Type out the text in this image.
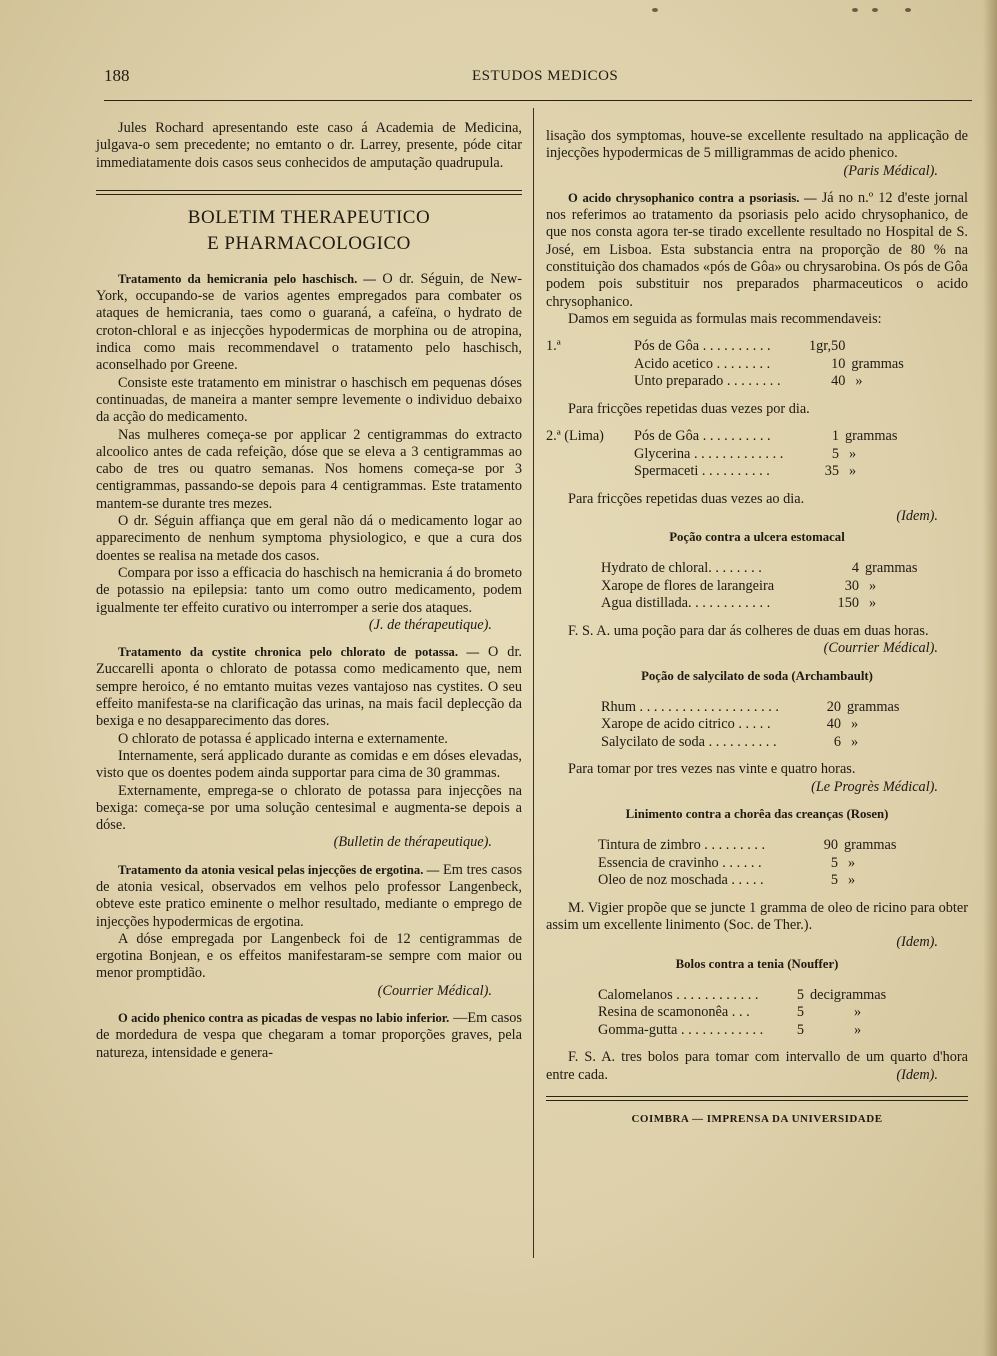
188	ESTUDOS MEDICOS

Jules Rochard apresentando este caso á Academia de Medicina, julgava-o sem precedente; no emtanto o dr. Larrey, presente, póde citar immediatamente dois casos seus conhecidos de amputação quadrupula.

BOLETIM THERAPEUTICO
E PHARMACOLOGICO

Tratamento da hemicrania pelo haschisch. — O dr. Séguin, de New-York, occupando-se de varios agentes empregados para combater os ataques de hemicrania, taes como o guaraná, a cafeïna, o hydrato de croton-chloral e as injecções hypodermicas de morphina ou de atropina, indica como mais recommendavel o tratamento pelo haschisch, aconselhado por Greene.

Consiste este tratamento em ministrar o haschisch em pequenas dóses continuadas, de maneira a manter sempre levemente o individuo debaixo da acção do medicamento.

Nas mulheres começa-se por applicar 2 centigrammas do extracto alcoolico antes de cada refeição, dóse que se eleva a 3 centigrammas ao cabo de tres ou quatro semanas. Nos homens começa-se por 3 centigrammas, passando-se depois para 4 centigrammas. Este tratamento mantem-se durante tres mezes.

O dr. Séguin affiança que em geral não dá o medicamento logar ao apparecimento de nenhum symptoma physiologico, e que a cura dos doentes se realisa na metade dos casos.

Compara por isso a efficacia do haschisch na hemicrania á do brometo de potassio na epilepsia: tanto um como outro medicamento, podem igualmente ter effeito curativo ou interromper a serie dos ataques.

(J. de thérapeutique).

Tratamento da cystite chronica pelo chlorato de potassa. — O dr. Zuccarelli aponta o chlorato de potassa como medicamento que, nem sempre heroico, é no emtanto muitas vezes vantajoso nas cystites. O seu effeito manifesta-se na clarificação das urinas, na mais facil deplecção da bexiga e no desapparecimento das dores.

O chlorato de potassa é applicado interna e externamente.

Internamente, será applicado durante as comidas e em dóses elevadas, visto que os doentes podem ainda supportar para cima de 30 grammas.

Externamente, emprega-se o chlorato de potassa para injecções na bexiga: começa-se por uma solução centesimal e augmenta-se depois a dóse.

(Bulletin de thérapeutique).

Tratamento da atonia vesical pelas injecções de ergotina. — Em tres casos de atonia vesical, observados em velhos pelo professor Langenbeck, obteve este pratico eminente o melhor resultado, mediante o emprego de injecções hypodermicas de ergotina.

A dóse empregada por Langenbeck foi de 12 centigrammas de ergotina Bonjean, e os effeitos manifestaram-se sempre com maior ou menor promptidão.

(Courrier Médical).

O acido phenico contra as picadas de vespas no labio inferior. —Em casos de mordedura de vespa que chegaram a tomar proporções graves, pela natureza, intensidade e genera-

lisação dos symptomas, houve-se excellente resultado na applicação de injecções hypodermicas de 5 milligrammas de acido phenico.

(Paris Médical).

O acido chrysophanico contra a psoriasis. — Já no n.º 12 d'este jornal nos referimos ao tratamento da psoriasis pelo acido chrysophanico, de que nos consta agora ter-se tirado excellente resultado no Hospital de S. José, em Lisboa. Esta substancia entra na proporção de 80 % na constituição dos chamados «pós de Gôa» ou chrysarobina. Os pós de Gôa podem pois substituir nos preparados pharmaceuticos o acido chrysophanico.

Damos em seguida as formulas mais recommendaveis:

1.ª	Pós de Gôa . . . . . . . . . .	1gr,50	
	Acido acetico . . . . . . . .	10	grammas
	Unto preparado . . . . . . . .	40	»

Para fricções repetidas duas vezes por dia.

2.ª (Lima)	Pós de Gôa . . . . . . . . . .	1	grammas
	Glycerina . . . . . . . . . . . . .	5	»
	Spermaceti . . . . . . . . . .	35	»

Para fricções repetidas duas vezes ao dia.

(Idem).

Poção contra a ulcera estomacal
Hydrato de chloral. . . . . . . .	4	grammas
Xarope de flores de larangeira	30	»
Agua distillada. . . . . . . . . . . .	150	»

F. S. A. uma poção para dar ás colheres de duas em duas horas.

(Courrier Médical).

Poção de salycilato de soda (Archambault)
Rhum . . . . . . . . . . . . . . . . . . . .	20	grammas
Xarope de acido citrico . . . . .	40	»
Salycilato de soda . . . . . . . . . .	6	»

Para tomar por tres vezes nas vinte e quatro horas.

(Le Progrès Médical).

Linimento contra a chorêa das creanças (Rosen)
Tintura de zimbro . . . . . . . . .	90	grammas
Essencia de cravinho . . . . . .	5	»
Oleo de noz moschada . . . . .	5	»

M. Vigier propõe que se juncte 1 gramma de oleo de ricino para obter assim um excellente linimento (Soc. de Ther.).

(Idem).

Bolos contra a tenia (Nouffer)
Calomelanos . . . . . . . . . . . .	5	decigrammas
Resina de scamononêa . . .	5	»
Gomma-gutta . . . . . . . . . . . .	5	»

F. S. A. tres bolos para tomar com intervallo de um quarto d'hora entre cada.	(Idem).

COIMBRA — IMPRENSA DA UNIVERSIDADE
